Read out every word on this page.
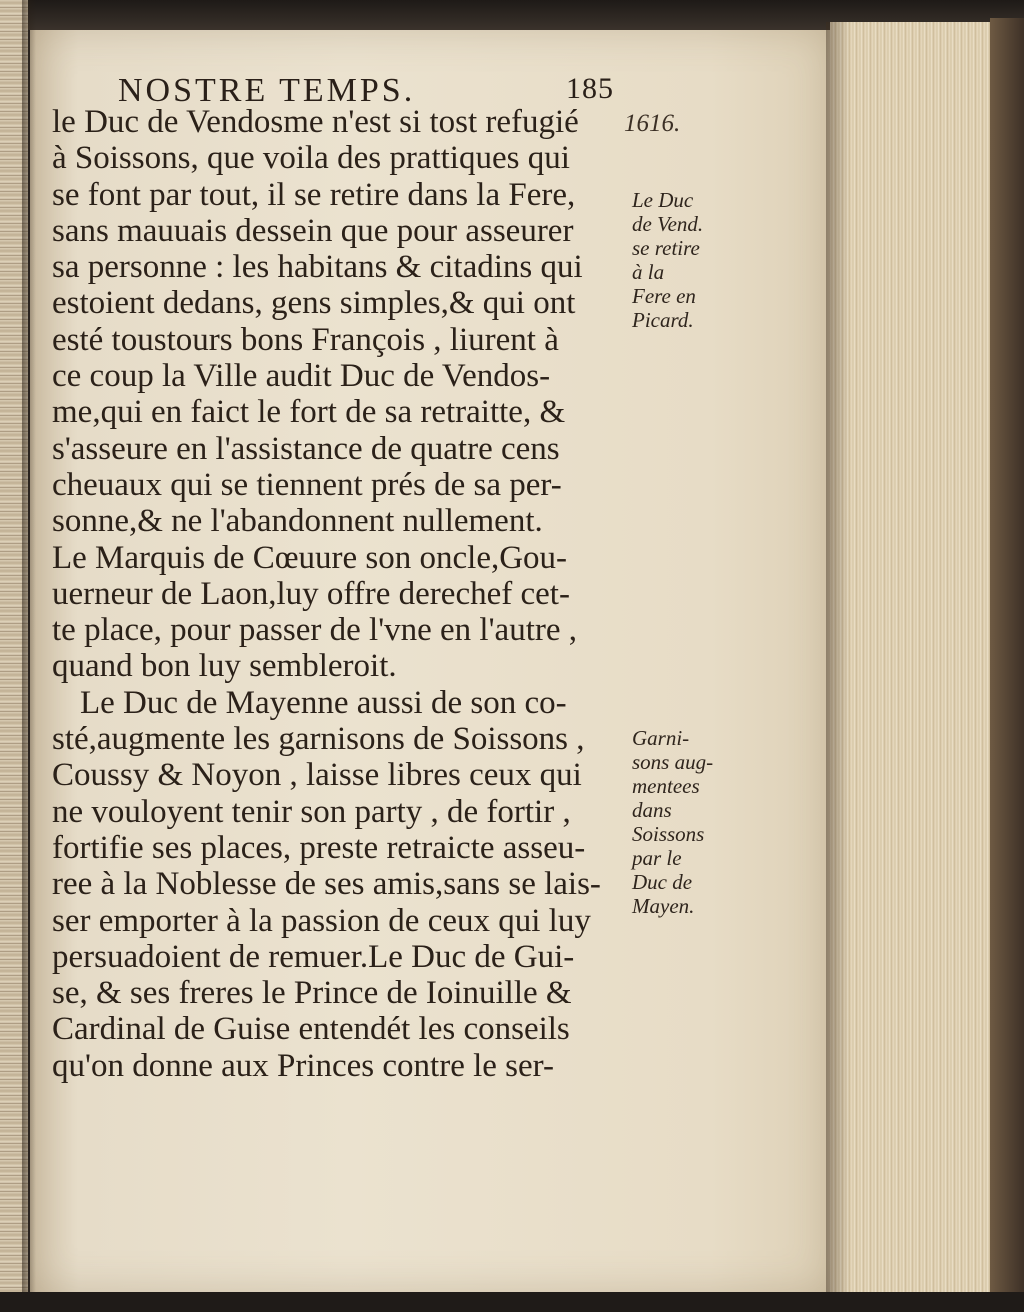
NOSTRE TEMPS.	185
1616.
Le Duc
de Vend.
se retire
à la
Fere en
Picard.
Garni-
sons aug-
mentees
dans
Soissons
par le
Duc de
Mayen.
le Duc de Vendosme n'est si tost refugié
à Soissons, que voila des prattiques qui
se font par tout, il se retire dans la Fere,
sans mauuais dessein que pour asseurer
sa personne : les habitans & citadins qui
estoient dedans, gens simples,& qui ont
esté toustours bons François , liurent à
ce coup la Ville audit Duc de Vendos-
me,qui en faict le fort de sa retraitte, &
s'asseure en l'assistance de quatre cens
cheuaux qui se tiennent prés de sa per-
sonne,& ne l'abandonnent nullement.
Le Marquis de Cœuure son oncle,Gou-
uerneur de Laon,luy offre derechef cet-
te place, pour passer de l'vne en l'autre ,
quand bon luy sembleroit.
Le Duc de Mayenne aussi de son co-
sté,augmente les garnisons de Soissons ,
Coussy & Noyon , laisse libres ceux qui
ne vouloyent tenir son party , de fortir ,
fortifie ses places, preste retraicte asseu-
ree à la Noblesse de ses amis,sans se lais-
ser emporter à la passion de ceux qui luy
persuadoient de remuer.Le Duc de Gui-
se, & ses freres le Prince de Ioinuille &
Cardinal de Guise entendét les conseils
qu'on donne aux Princes contre le ser-
